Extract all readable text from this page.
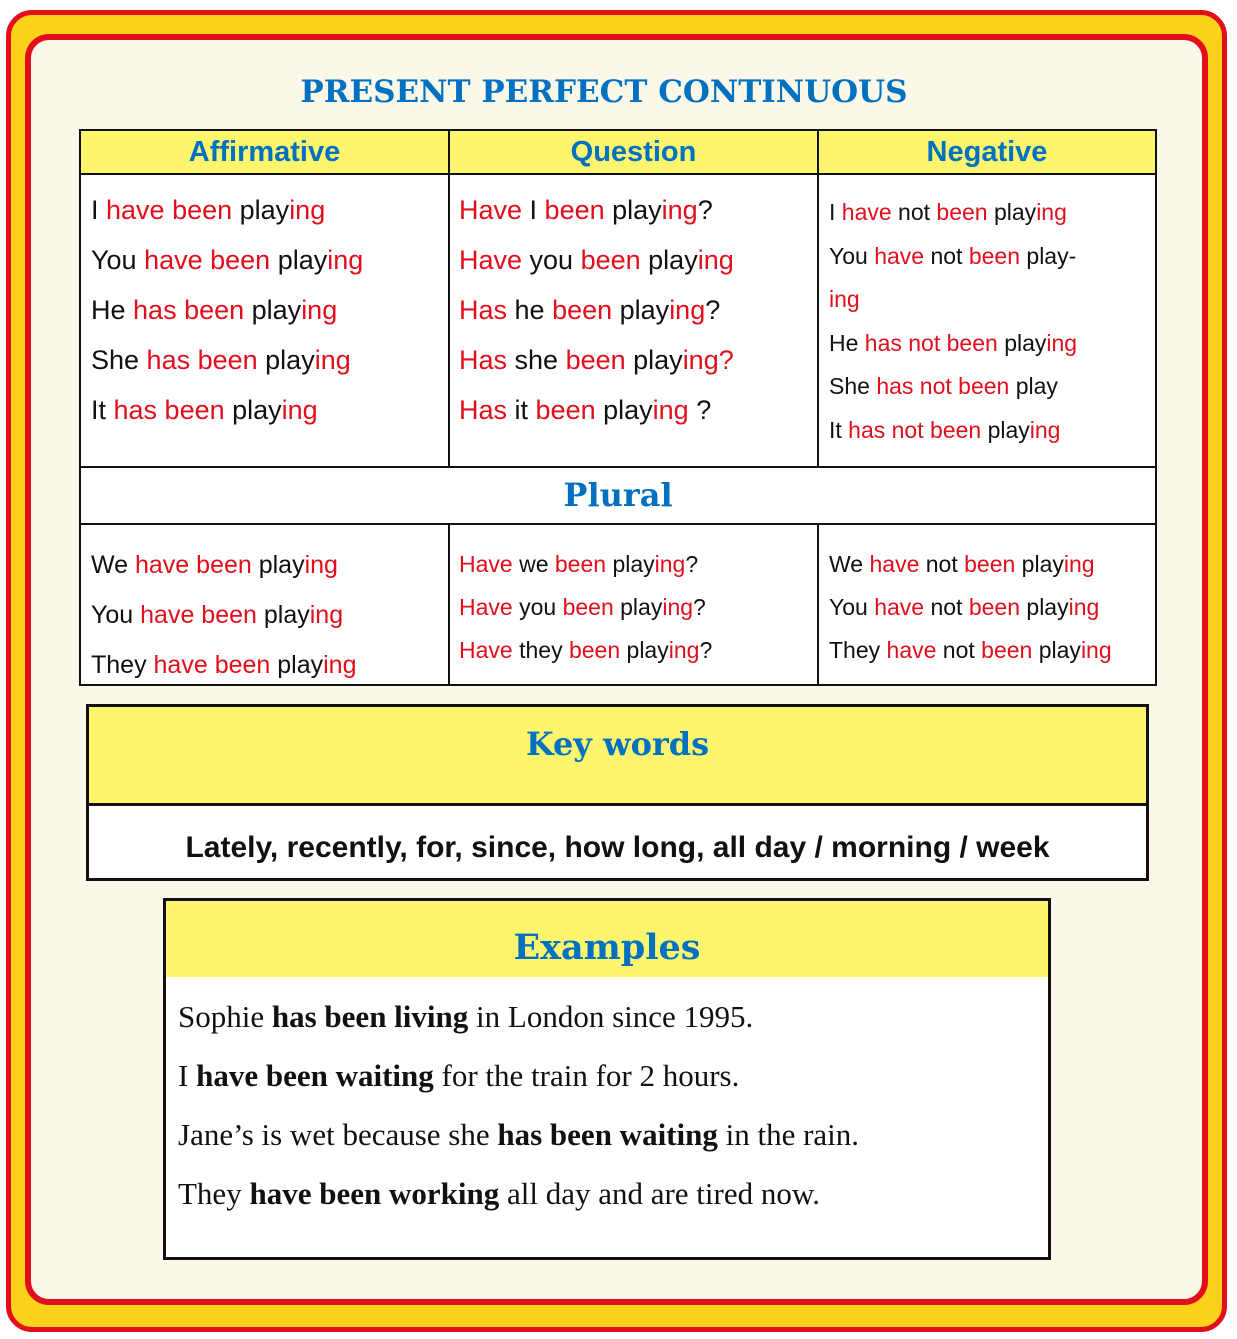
PRESENT PERFECT CONTINUOUS
Affirmative	Question	Negative
Plural
I have been playing
You have been playing
He has been playing
She has been playing
It has been playing
Have I been playing?
Have you been playing
Has he been playing?
Has she been playing?
Has it been playing ?
I have not been playing
You have not been play-
ing
He has not been playing
She has not been play
It has not been playing
We have been playing
You have been playing
They have been playing
Have we been playing?
Have you been playing?
Have they been playing?
We have not been playing
You have not been playing
They have not been playing
Key words
Lately, recently, for, since, how long, all day / morning / week
Examples
Sophie has been living in London since 1995.
I have been waiting for the train for 2 hours.
Jane’s is wet because she has been waiting in the rain.
They have been working all day and are tired now.
